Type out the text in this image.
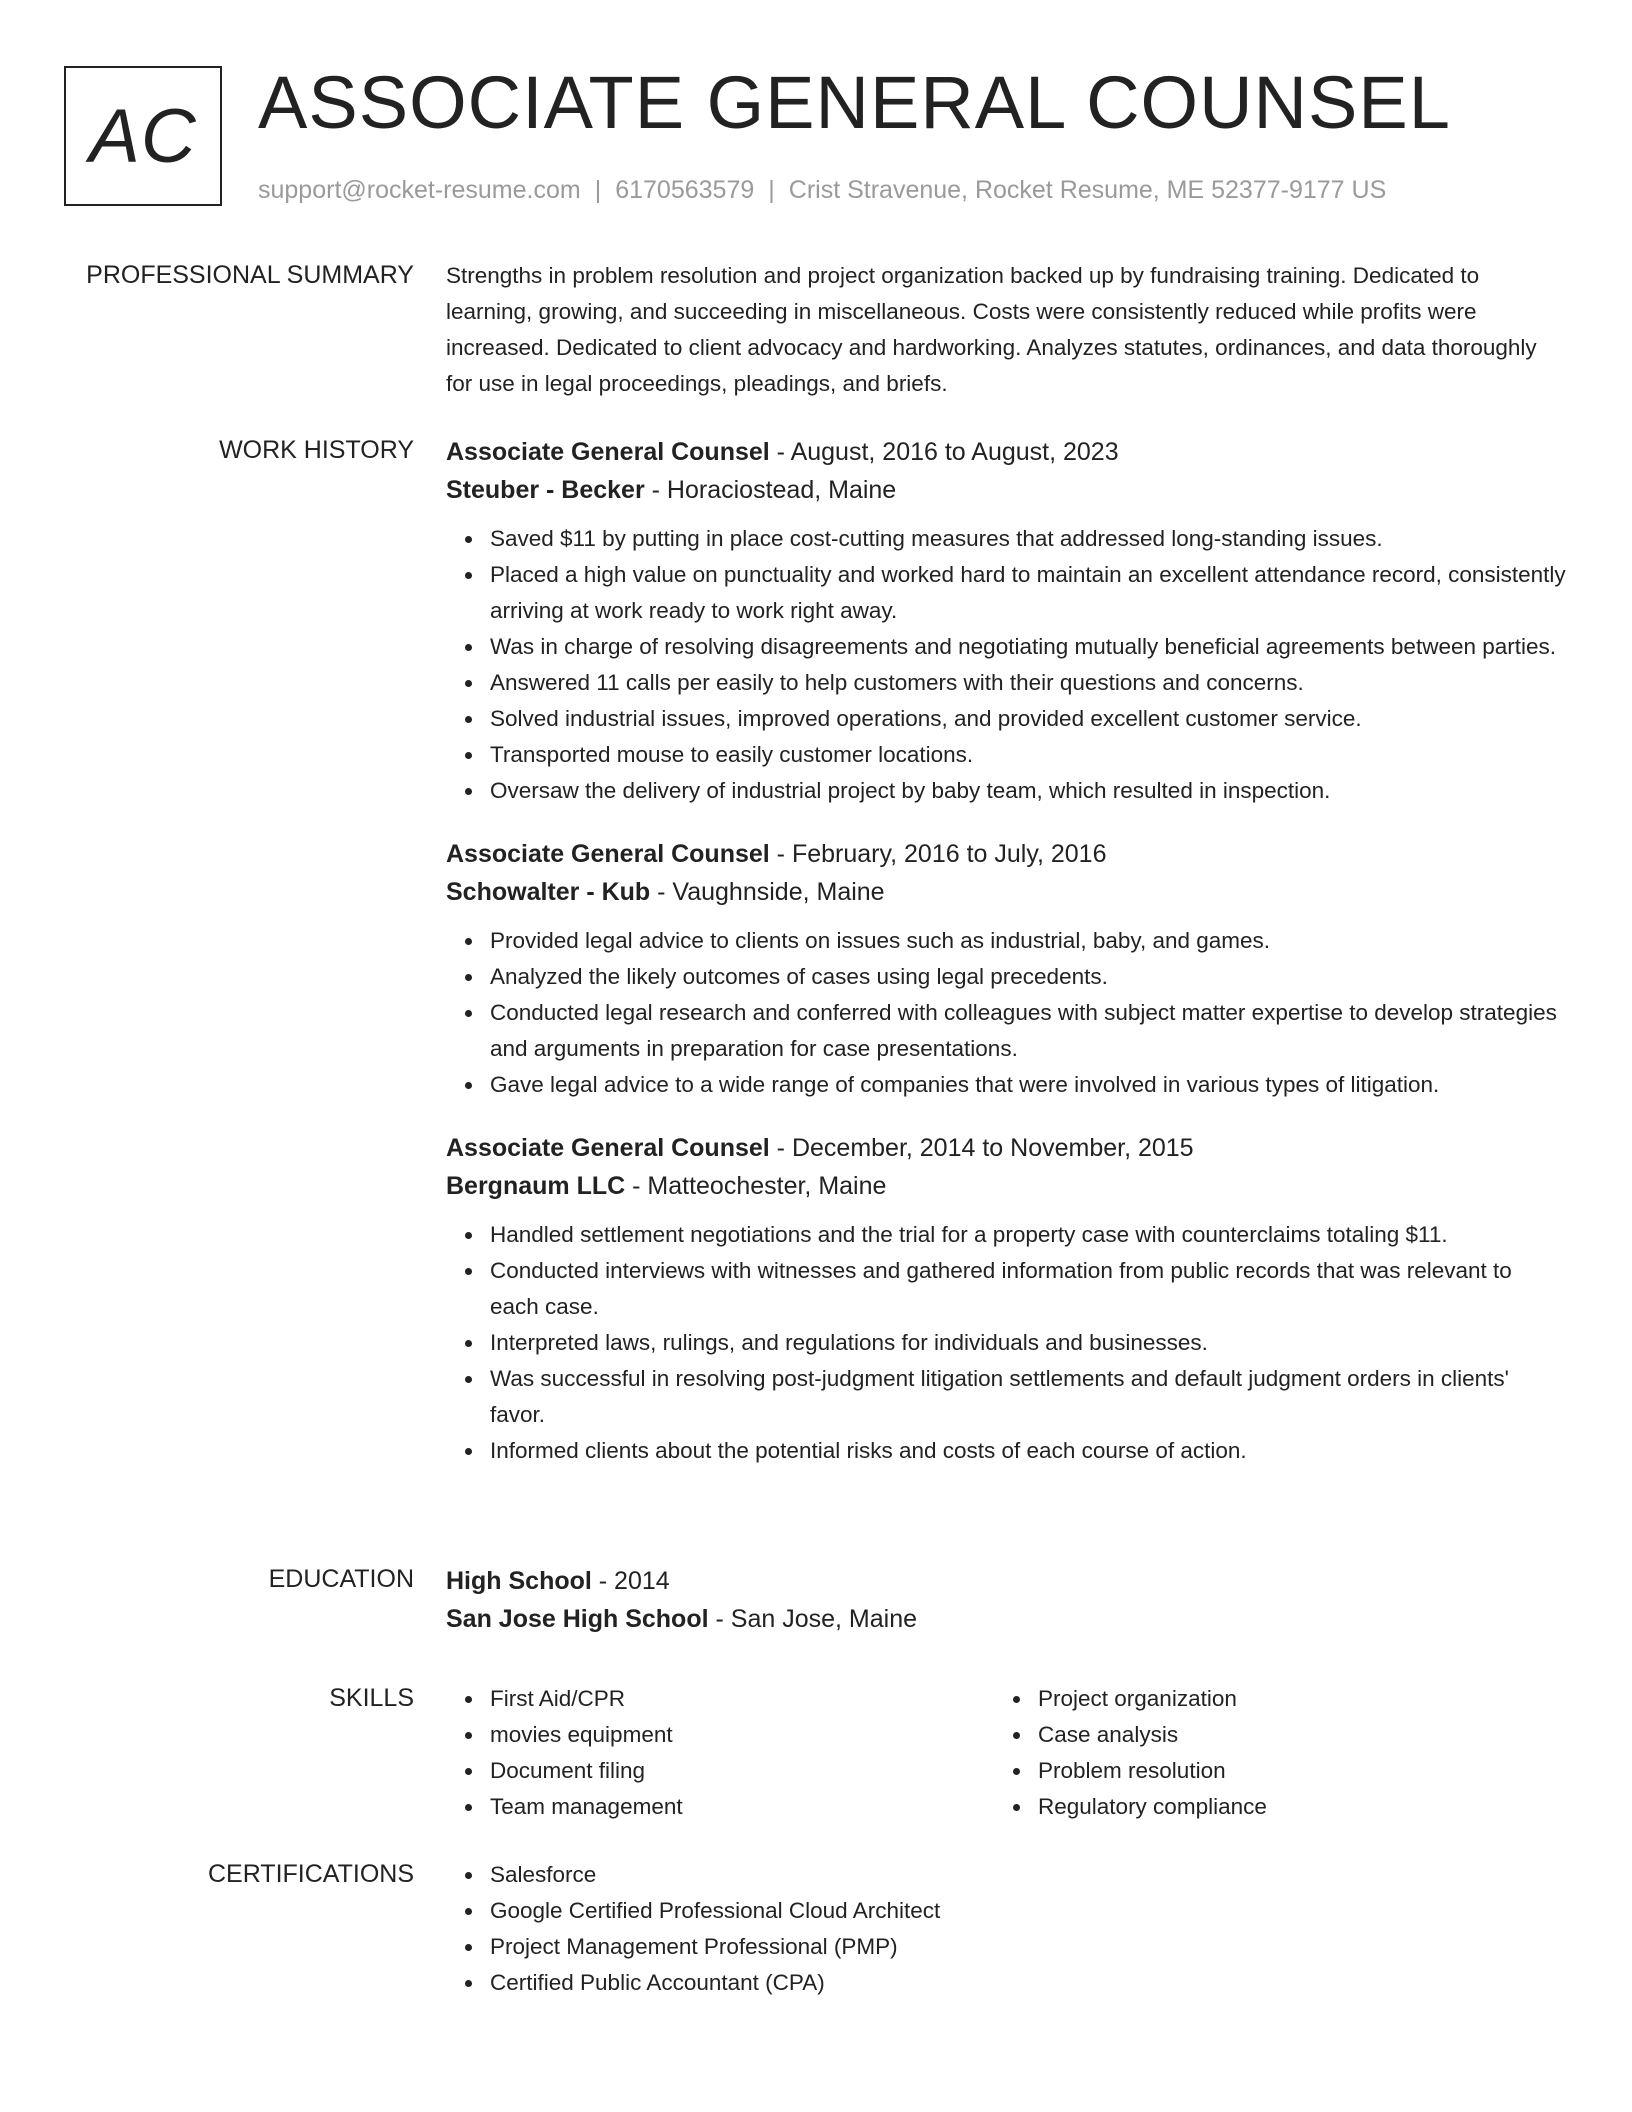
AC ASSOCIATE GENERAL COUNSEL
support@rocket-resume.com | 6170563579 | Crist Stravenue, Rocket Resume, ME 52377-9177 US
PROFESSIONAL SUMMARY Strengths in problem resolution and project organization backed up by fundraising training. Dedicated to learning, growing, and succeeding in miscellaneous. Costs were consistently reduced while profits were increased. Dedicated to client advocacy and hardworking. Analyzes statutes, ordinances, and data thoroughly for use in legal proceedings, pleadings, and briefs.

WORK HISTORY Associate General Counsel - August, 2016 to August, 2023

Steuber - Becker - Horaciostead, Maine

Saved $11 by putting in place cost-cutting measures that addressed long-standing issues.
Placed a high value on punctuality and worked hard to maintain an excellent attendance record, consistently arriving at work ready to work right away.
Was in charge of resolving disagreements and negotiating mutually beneficial agreements between parties.
Answered 11 calls per easily to help customers with their questions and concerns.
Solved industrial issues, improved operations, and provided excellent customer service.
Transported mouse to easily customer locations.
Oversaw the delivery of industrial project by baby team, which resulted in inspection.

Associate General Counsel - February, 2016 to July, 2016

Schowalter - Kub - Vaughnside, Maine

Provided legal advice to clients on issues such as industrial, baby, and games.
Analyzed the likely outcomes of cases using legal precedents.
Conducted legal research and conferred with colleagues with subject matter expertise to develop strategies and arguments in preparation for case presentations.
Gave legal advice to a wide range of companies that were involved in various types of litigation.

Associate General Counsel - December, 2014 to November, 2015

Bergnaum LLC - Matteochester, Maine

Handled settlement negotiations and the trial for a property case with counterclaims totaling $11.
Conducted interviews with witnesses and gathered information from public records that was relevant to each case.
Interpreted laws, rulings, and regulations for individuals and businesses.
Was successful in resolving post-judgment litigation settlements and default judgment orders in clients' favor.
Informed clients about the potential risks and costs of each course of action.
EDUCATION High School - 2014

San Jose High School - San Jose, Maine

SKILLS	First Aid/CPR
movies equipment
Document filing
Team management
Project organization
Case analysis
Problem resolution
Regulatory compliance
CERTIFICATIONS	Salesforce
Google Certified Professional Cloud Architect
Project Management Professional (PMP)
Certified Public Accountant (CPA)
